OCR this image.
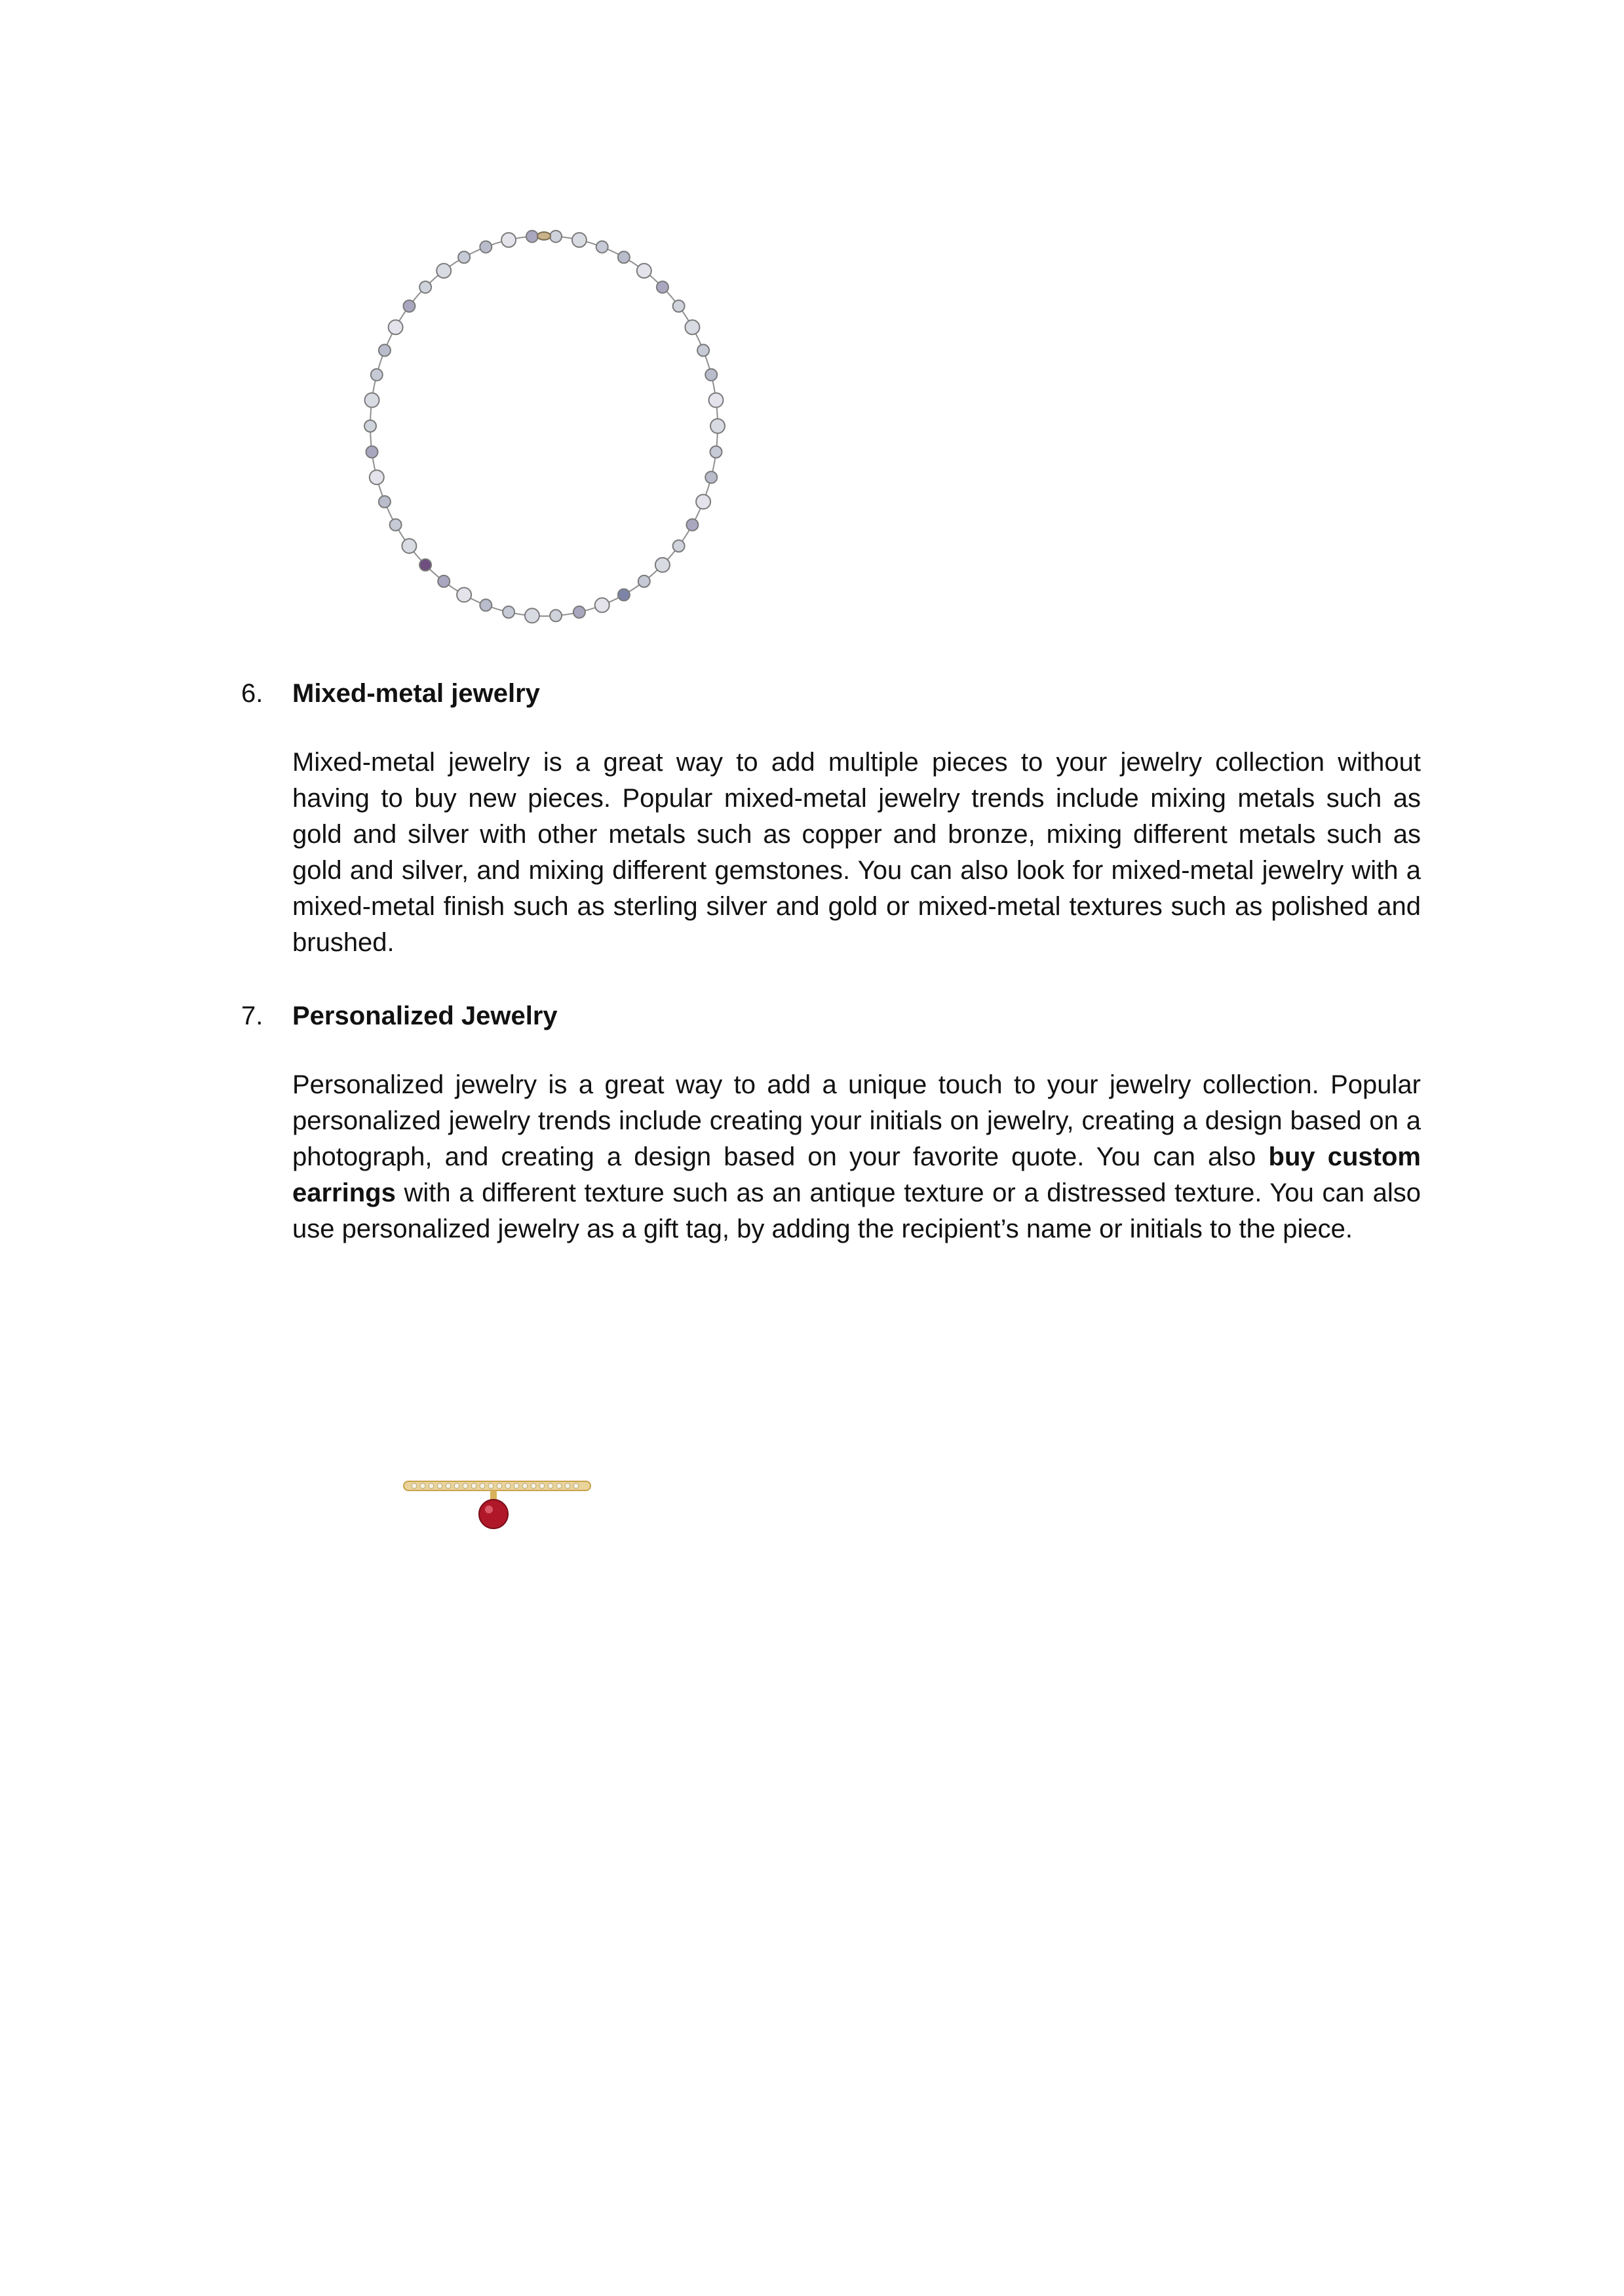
6.	Mixed-metal jewelry

Mixed-metal jewelry is a great way to add multiple pieces to your jewelry collection without having to buy new pieces. Popular mixed-metal jewelry trends include mixing metals such as gold and silver with other metals such as copper and bronze, mixing different metals such as gold and silver, and mixing different gemstones. You can also look for mixed-metal jewelry with a mixed-metal finish such as sterling silver and gold or mixed-metal textures such as polished and brushed.

7.	Personalized Jewelry

Personalized jewelry is a great way to add a unique touch to your jewelry collection. Popular personalized jewelry trends include creating your initials on jewelry, creating a design based on a photograph, and creating a design based on your favorite quote. You can also buy custom earrings with a different texture such as an antique texture or a distressed texture. You can also use personalized jewelry as a gift tag, by adding the recipient’s name or initials to the piece.
